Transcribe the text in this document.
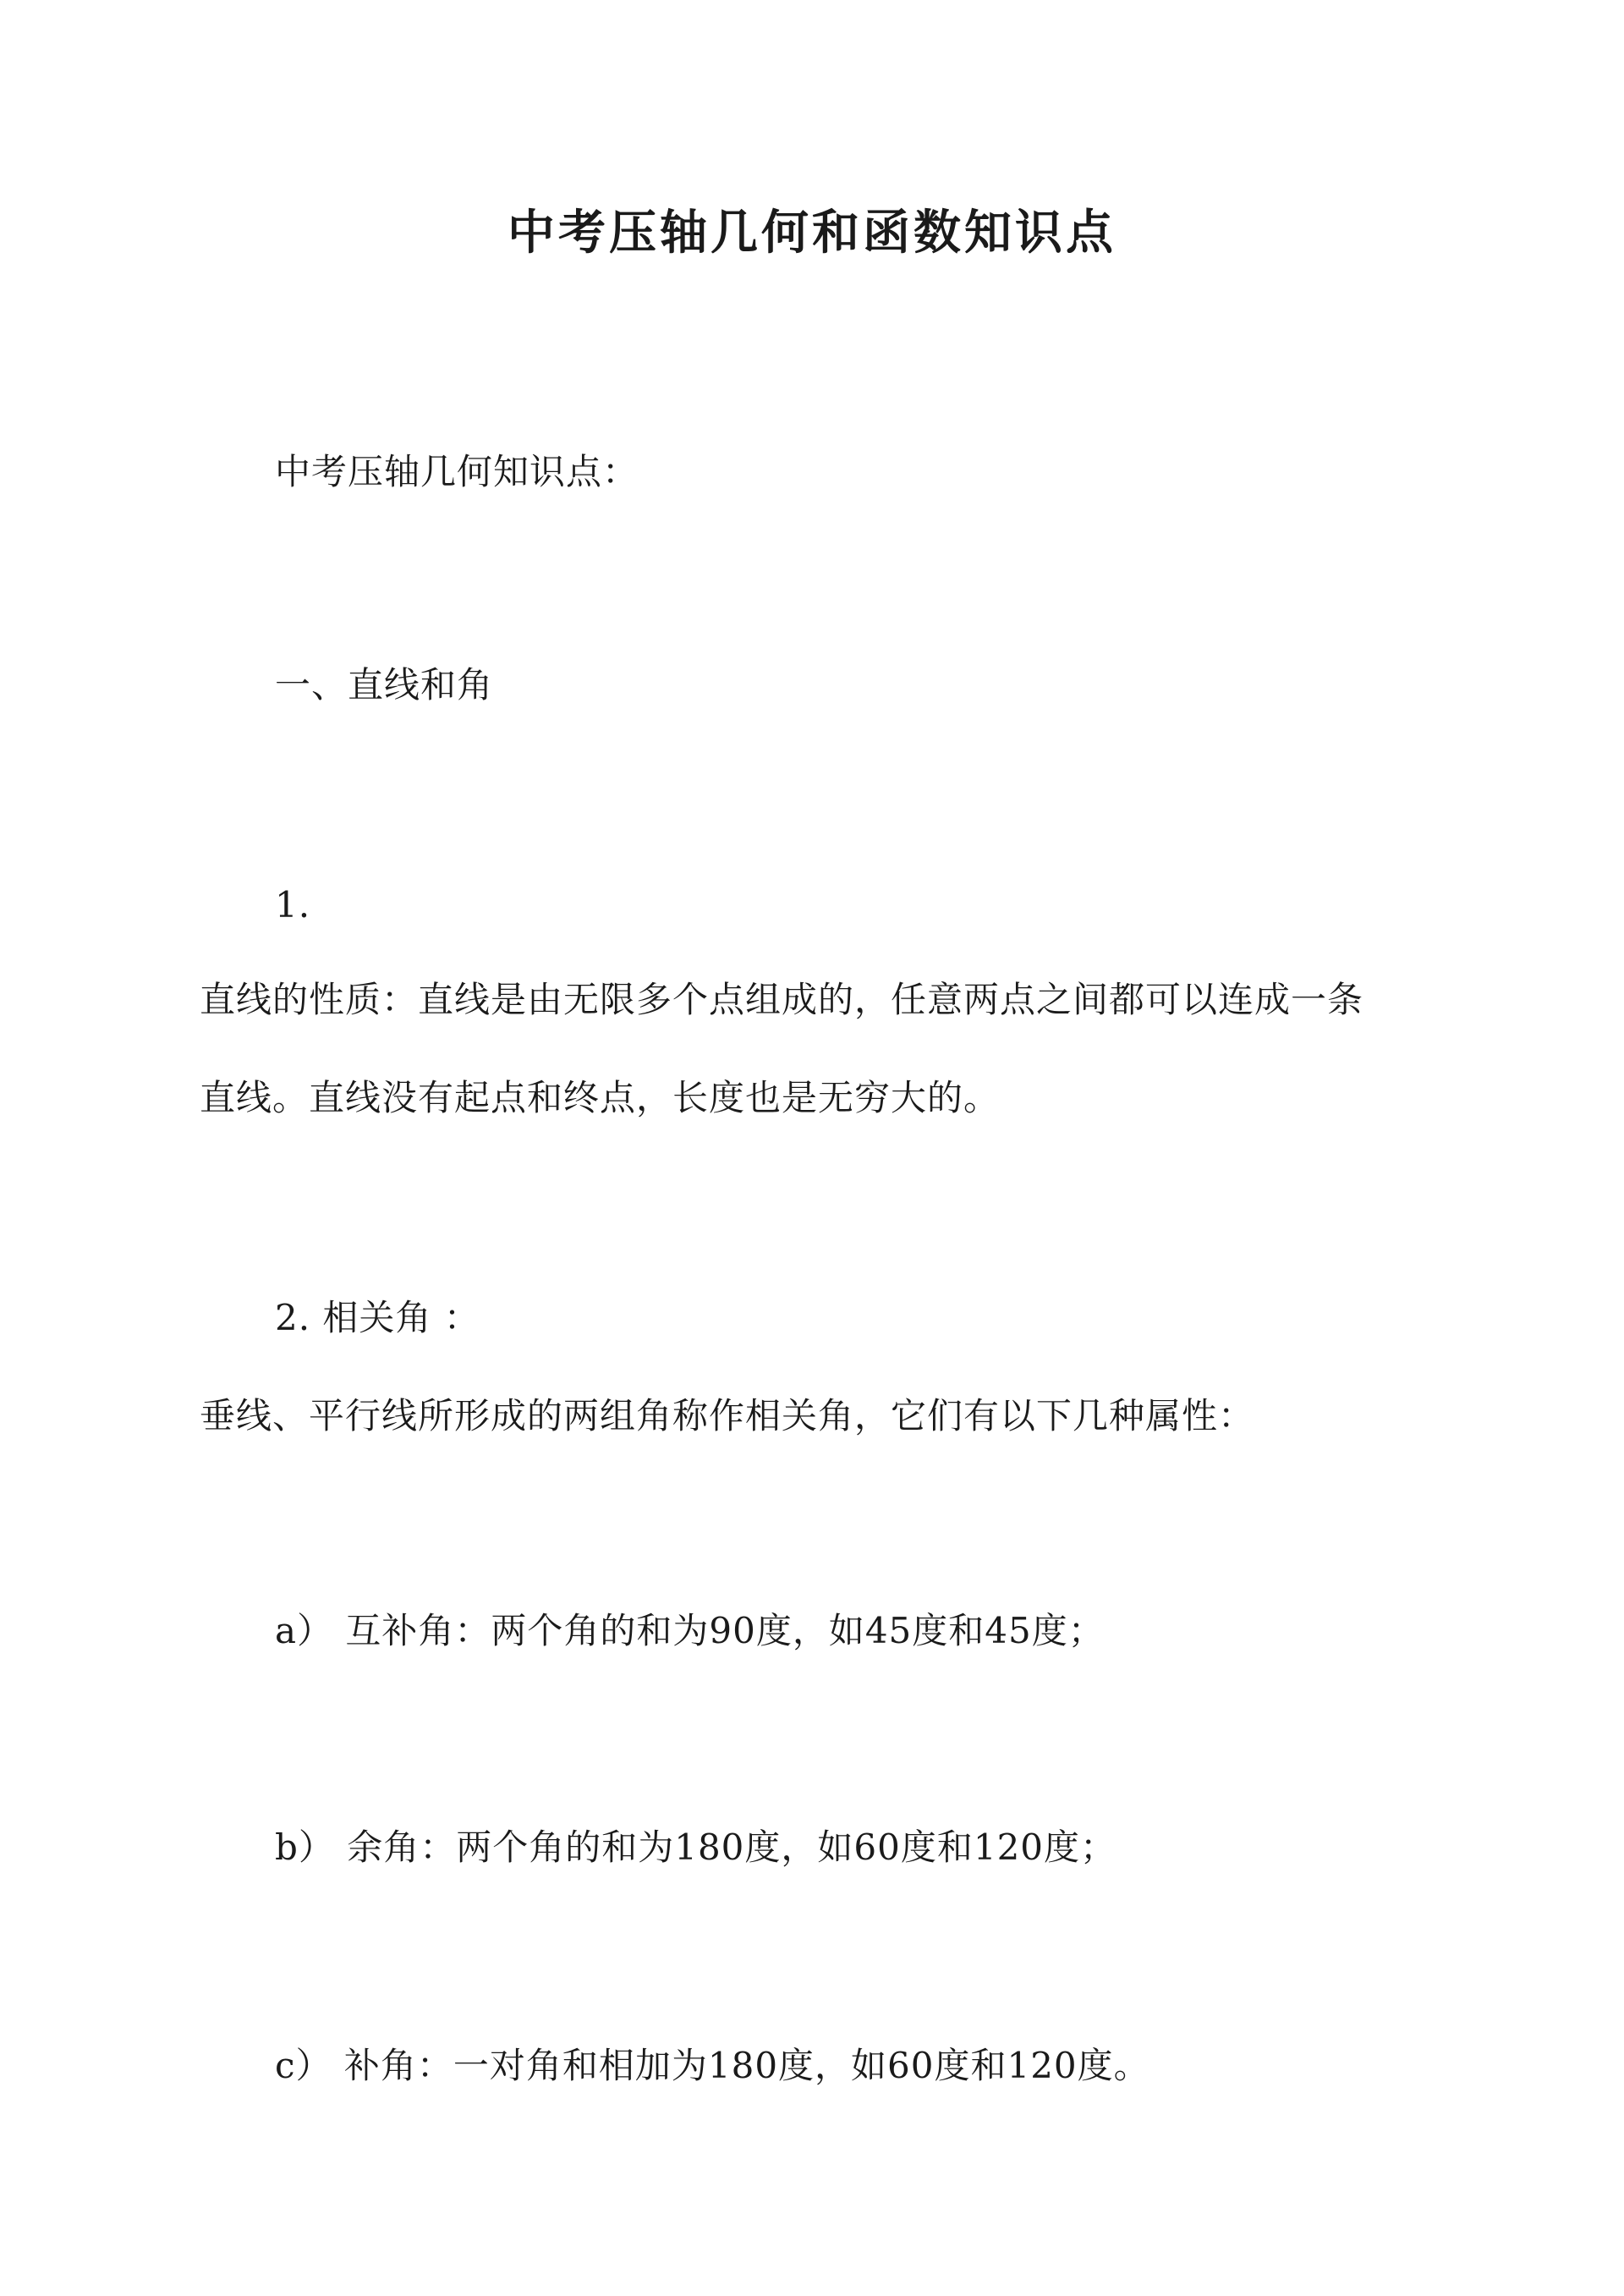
中考压轴几何和函数知识点
中考压轴几何知识点：
一、直线和角
1.
直线的性质：直线是由无限多个点组成的，任意两点之间都可以连成一条
直线。直线没有起点和终点，长度也是无穷大的。
2. 相关角 ：
垂线、平行线所形成的两组角称作相关角，它们有以下几种属性：
a） 互补角：两个角的和为90度，如45度和45度；
b） 余角：两个角的和为180度，如60度和120度；
c） 补角：一对角和相加为180度，如60度和120度。
